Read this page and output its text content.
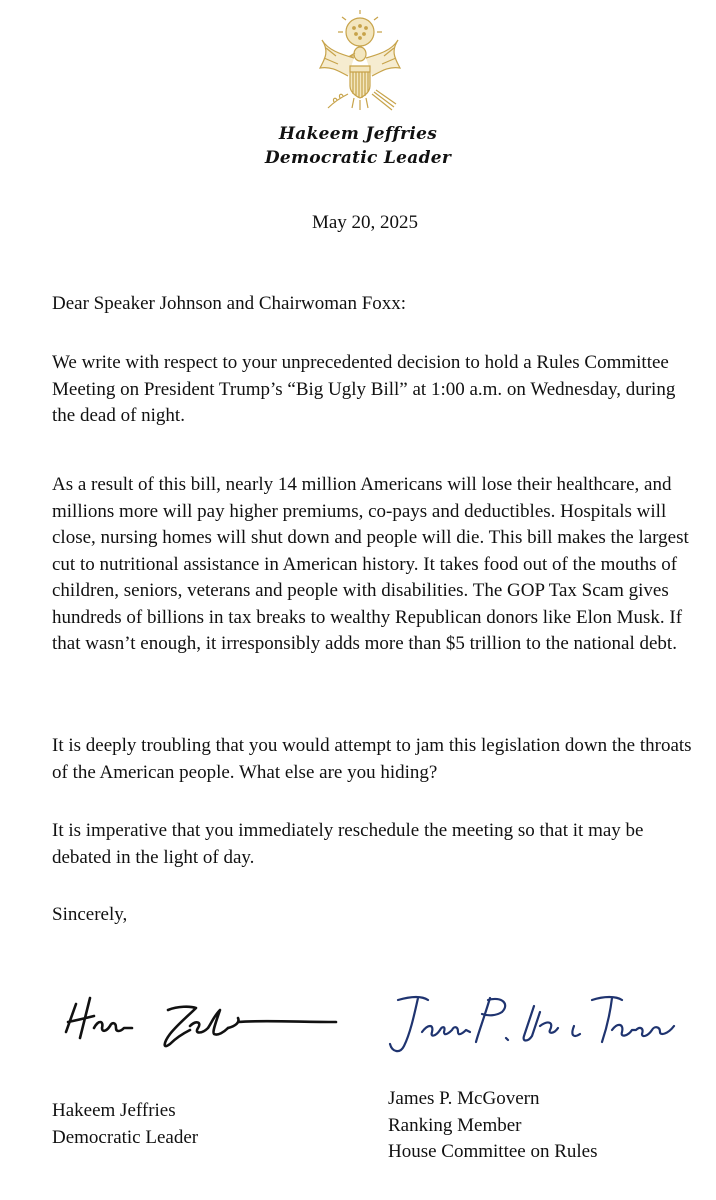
Hakeem Jeffries
Democratic Leader
May 20, 2025

Dear Speaker Johnson and Chairwoman Foxx:

We write with respect to your unprecedented decision to hold a Rules Committee Meeting on President Trump’s “Big Ugly Bill” at 1:00 a.m. on Wednesday, during the dead of night.

As a result of this bill, nearly 14 million Americans will lose their healthcare, and millions more will pay higher premiums, co-pays and deductibles. Hospitals will close, nursing homes will shut down and people will die. This bill makes the largest cut to nutritional assistance in American history. It takes food out of the mouths of children, seniors, veterans and people with disabilities. The GOP Tax Scam gives hundreds of billions in tax breaks to wealthy Republican donors like Elon Musk. If that wasn’t enough, it irresponsibly adds more than $5 trillion to the national debt.

It is deeply troubling that you would attempt to jam this legislation down the throats of the American people. What else are you hiding?

It is imperative that you immediately reschedule the meeting so that it may be debated in the light of day.

Sincerely,

Hakeem Jeffries
Democratic Leader
James P. McGovern
Ranking Member
House Committee on Rules
